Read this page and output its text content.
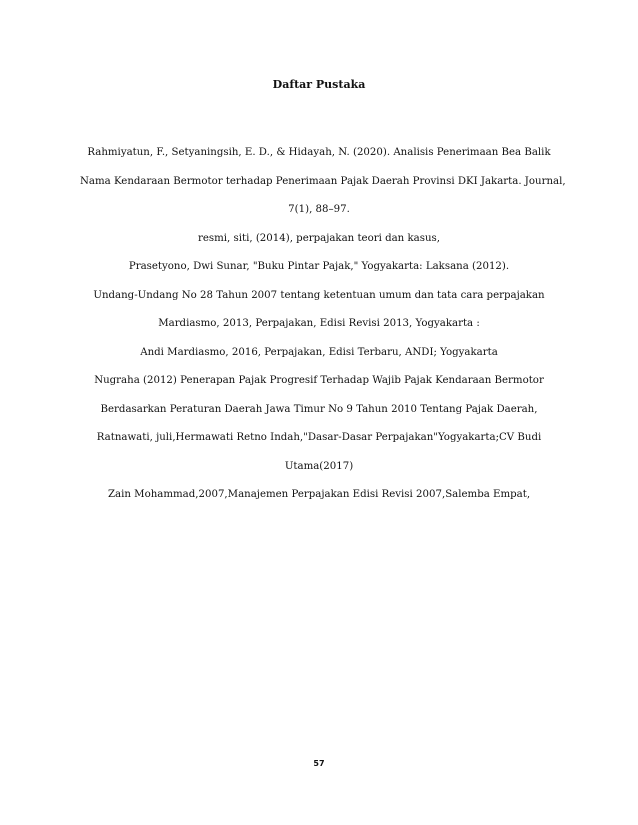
Daftar Pustaka
Rahmiyatun, F., Setyaningsih, E. D., & Hidayah, N. (2020). Analisis Penerimaan Bea Balik
Nama Kendaraan Bermotor terhadap Penerimaan Pajak Daerah Provinsi DKI Jakarta. Journal,
7(1), 88–97.
resmi, siti, (2014), perpajakan teori dan kasus,
Prasetyono, Dwi Sunar, "Buku Pintar Pajak," Yogyakarta: Laksana (2012).
Undang-Undang No 28 Tahun 2007 tentang ketentuan umum dan tata cara perpajakan
Mardiasmo, 2013, Perpajakan, Edisi Revisi 2013, Yogyakarta :
Andi Mardiasmo, 2016, Perpajakan, Edisi Terbaru, ANDI; Yogyakarta
Nugraha (2012) Penerapan Pajak Progresif Terhadap Wajib Pajak Kendaraan Bermotor
Berdasarkan Peraturan Daerah Jawa Timur No 9 Tahun 2010 Tentang Pajak Daerah,
Ratnawati, juli,Hermawati Retno Indah,"Dasar-Dasar Perpajakan"Yogyakarta;CV Budi
Utama(2017)
Zain Mohammad,2007,Manajemen Perpajakan Edisi Revisi 2007,Salemba Empat,
57
